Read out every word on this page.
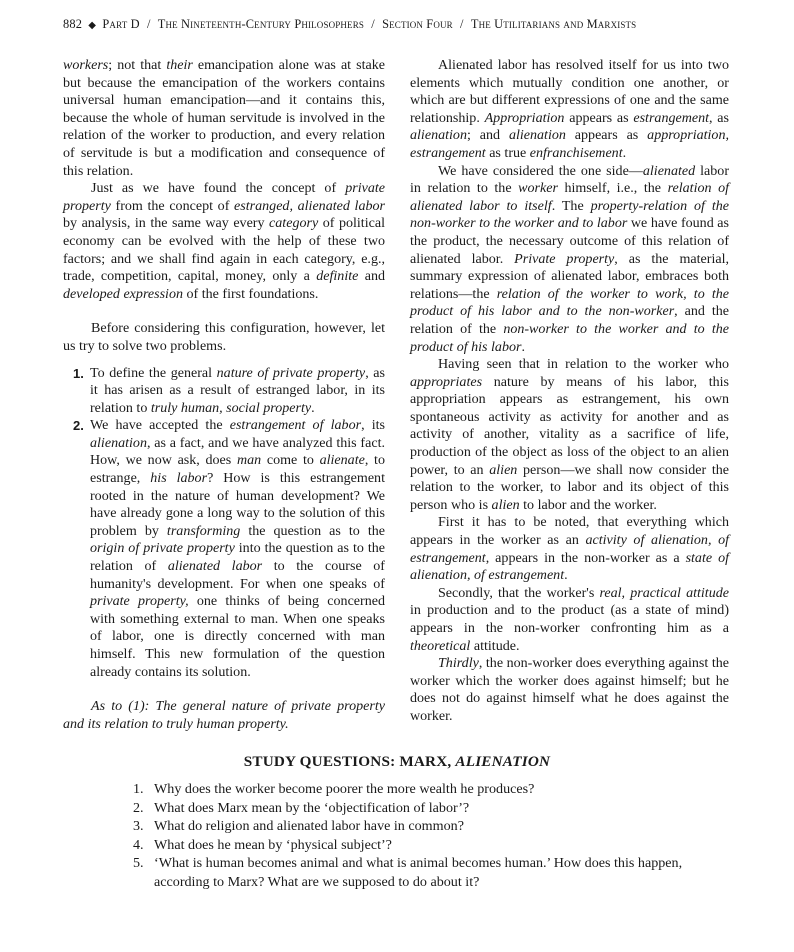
882 ◆ Part D / The Nineteenth-Century Philosophers / Section Four / The Utilitarians and Marxists

workers; not that their emancipation alone was at stake but because the emancipation of the workers contains universal human emancipation—and it contains this, because the whole of human servitude is involved in the relation of the worker to production, and every relation of servitude is but a modification and consequence of this relation.

Just as we have found the concept of private property from the concept of estranged, alienated labor by analysis, in the same way every category of political economy can be evolved with the help of these two factors; and we shall find again in each category, e.g., trade, competition, capital, money, only a definite and developed expression of the first foundations.

Before considering this configuration, however, let us try to solve two problems.

1. To define the general nature of private property, as it has arisen as a result of estranged labor, in its relation to truly human, social property.
2. We have accepted the estrangement of labor, its alienation, as a fact, and we have analyzed this fact. How, we now ask, does man come to alienate, to estrange, his labor? How is this estrangement rooted in the nature of human development? We have already gone a long way to the solution of this problem by transforming the question as to the origin of private property into the question as to the relation of alienated labor to the course of humanity's development. For when one speaks of private property, one thinks of being concerned with something external to man. When one speaks of labor, one is directly concerned with man himself. This new formulation of the question already contains its solution.

As to (1): The general nature of private property and its relation to truly human property.

Alienated labor has resolved itself for us into two elements which mutually condition one another, or which are but different expressions of one and the same relationship. Appropriation appears as estrangement, as alienation; and alienation appears as appropriation, estrangement as true enfranchisement.

We have considered the one side—alienated labor in relation to the worker himself, i.e., the relation of alienated labor to itself. The property-relation of the non-worker to the worker and to labor we have found as the product, the necessary outcome of this relation of alienated labor. Private property, as the material, summary expression of alienated labor, embraces both relations—the relation of the worker to work, to the product of his labor and to the non-worker, and the relation of the non-worker to the worker and to the product of his labor.

Having seen that in relation to the worker who appropriates nature by means of his labor, this appropriation appears as estrangement, his own spontaneous activity as activity for another and as activity of another, vitality as a sacrifice of life, production of the object as loss of the object to an alien power, to an alien person—we shall now consider the relation to the worker, to labor and its object of this person who is alien to labor and the worker.

First it has to be noted, that everything which appears in the worker as an activity of alienation, of estrangement, appears in the non-worker as a state of alienation, of estrangement.

Secondly, that the worker's real, practical attitude in production and to the product (as a state of mind) appears in the non-worker confronting him as a theoretical attitude.

Thirdly, the non-worker does everything against the worker which the worker does against himself; but he does not do against himself what he does against the worker.

STUDY QUESTIONS: MARX, ALIENATION
1. Why does the worker become poorer the more wealth he produces?
2. What does Marx mean by the ‘objectification of labor’?
3. What do religion and alienated labor have in common?
4. What does he mean by ‘physical subject’?
5. ‘What is human becomes animal and what is animal becomes human.’ How does this happen, according to Marx? What are we supposed to do about it?
